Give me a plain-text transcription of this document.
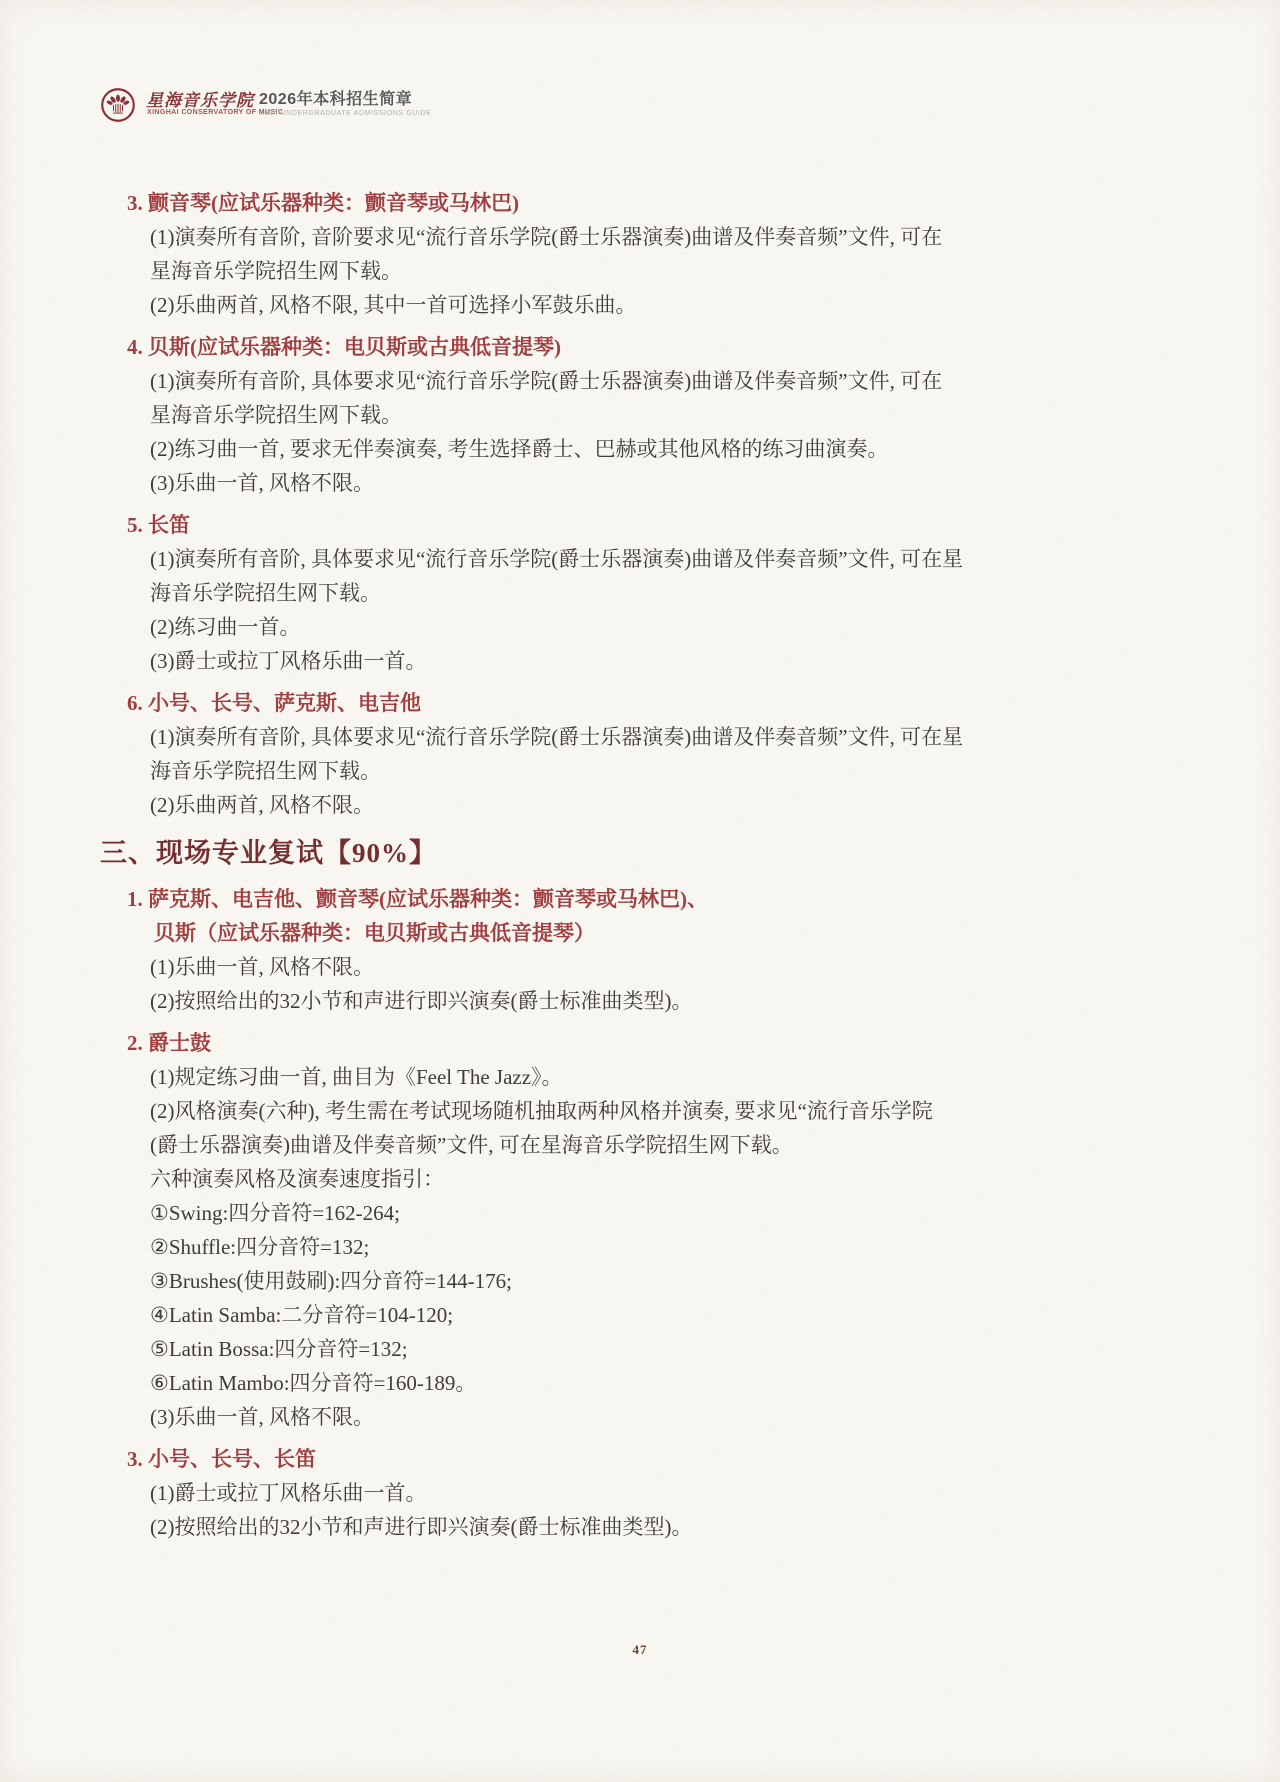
星海音乐学院
XINGHAI CONSERVATORY OF MUSIC
2026年本科招生简章
2026 UNDERGRADUATE ADMISSIONS GUIDE
3. 颤音琴(应试乐器种类：颤音琴或马林巴)
(1)演奏所有音阶, 音阶要求见“流行音乐学院(爵士乐器演奏)曲谱及伴奏音频”文件, 可在
星海音乐学院招生网下载。
(2)乐曲两首, 风格不限, 其中一首可选择小军鼓乐曲。
4. 贝斯(应试乐器种类：电贝斯或古典低音提琴)
(1)演奏所有音阶, 具体要求见“流行音乐学院(爵士乐器演奏)曲谱及伴奏音频”文件, 可在
星海音乐学院招生网下载。
(2)练习曲一首, 要求无伴奏演奏, 考生选择爵士、巴赫或其他风格的练习曲演奏。
(3)乐曲一首, 风格不限。
5. 长笛
(1)演奏所有音阶, 具体要求见“流行音乐学院(爵士乐器演奏)曲谱及伴奏音频”文件, 可在星
海音乐学院招生网下载。
(2)练习曲一首。
(3)爵士或拉丁风格乐曲一首。
6. 小号、长号、萨克斯、电吉他
(1)演奏所有音阶, 具体要求见“流行音乐学院(爵士乐器演奏)曲谱及伴奏音频”文件, 可在星
海音乐学院招生网下载。
(2)乐曲两首, 风格不限。
三、现场专业复试【90%】
1. 萨克斯、电吉他、颤音琴(应试乐器种类：颤音琴或马林巴)、
贝斯（应试乐器种类：电贝斯或古典低音提琴）
(1)乐曲一首, 风格不限。
(2)按照给出的32小节和声进行即兴演奏(爵士标准曲类型)。
2. 爵士鼓
(1)规定练习曲一首, 曲目为《Feel The Jazz》。
(2)风格演奏(六种), 考生需在考试现场随机抽取两种风格并演奏, 要求见“流行音乐学院
(爵士乐器演奏)曲谱及伴奏音频”文件, 可在星海音乐学院招生网下载。
六种演奏风格及演奏速度指引：
①Swing:四分音符=162-264;
②Shuffle:四分音符=132;
③Brushes(使用鼓刷):四分音符=144-176;
④Latin Samba:二分音符=104-120;
⑤Latin Bossa:四分音符=132;
⑥Latin Mambo:四分音符=160-189。
(3)乐曲一首, 风格不限。
3. 小号、长号、长笛
(1)爵士或拉丁风格乐曲一首。
(2)按照给出的32小节和声进行即兴演奏(爵士标准曲类型)。
47
